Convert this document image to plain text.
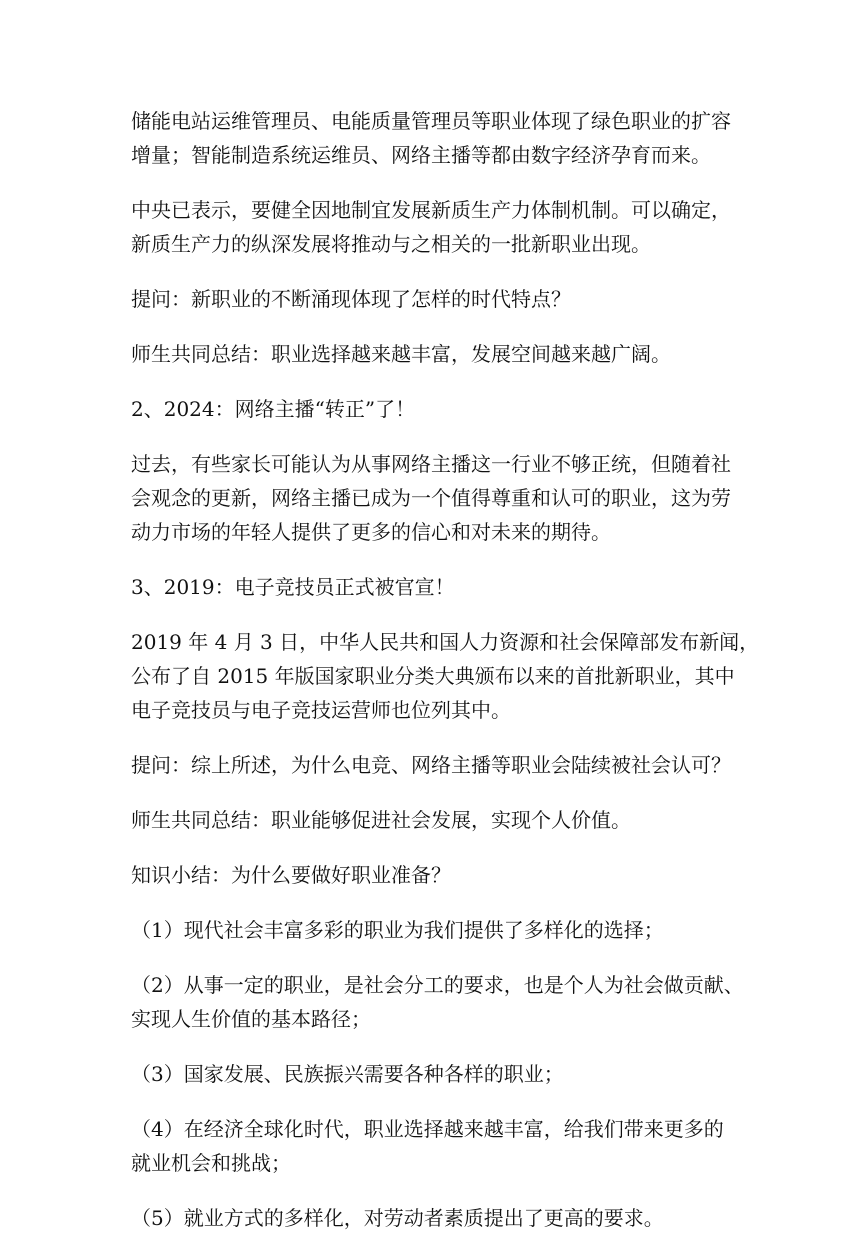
储能电站运维管理员、电能质量管理员等职业体现了绿色职业的扩容
增量；智能制造系统运维员、网络主播等都由数字经济孕育而来。

中央已表示，要健全因地制宜发展新质生产力体制机制。可以确定，
新质生产力的纵深发展将推动与之相关的一批新职业出现。

提问：新职业的不断涌现体现了怎样的时代特点？

师生共同总结：职业选择越来越丰富，发展空间越来越广阔。

2、2024：网络主播“转正”了！

过去，有些家长可能认为从事网络主播这一行业不够正统，但随着社
会观念的更新，网络主播已成为一个值得尊重和认可的职业，这为劳
动力市场的年轻人提供了更多的信心和对未来的期待。

3、2019：电子竞技员正式被官宣！

2019 年 4 月 3 日，中华人民共和国人力资源和社会保障部发布新闻，
公布了自 2015 年版国家职业分类大典颁布以来的首批新职业，其中
电子竞技员与电子竞技运营师也位列其中。

提问：综上所述，为什么电竞、网络主播等职业会陆续被社会认可？

师生共同总结：职业能够促进社会发展，实现个人价值。

知识小结：为什么要做好职业准备？

（1）现代社会丰富多彩的职业为我们提供了多样化的选择；

（2）从事一定的职业，是社会分工的要求，也是个人为社会做贡献、
实现人生价值的基本路径；

（3）国家发展、民族振兴需要各种各样的职业；

（4）在经济全球化时代，职业选择越来越丰富，给我们带来更多的
就业机会和挑战；

（5）就业方式的多样化，对劳动者素质提出了更高的要求。
